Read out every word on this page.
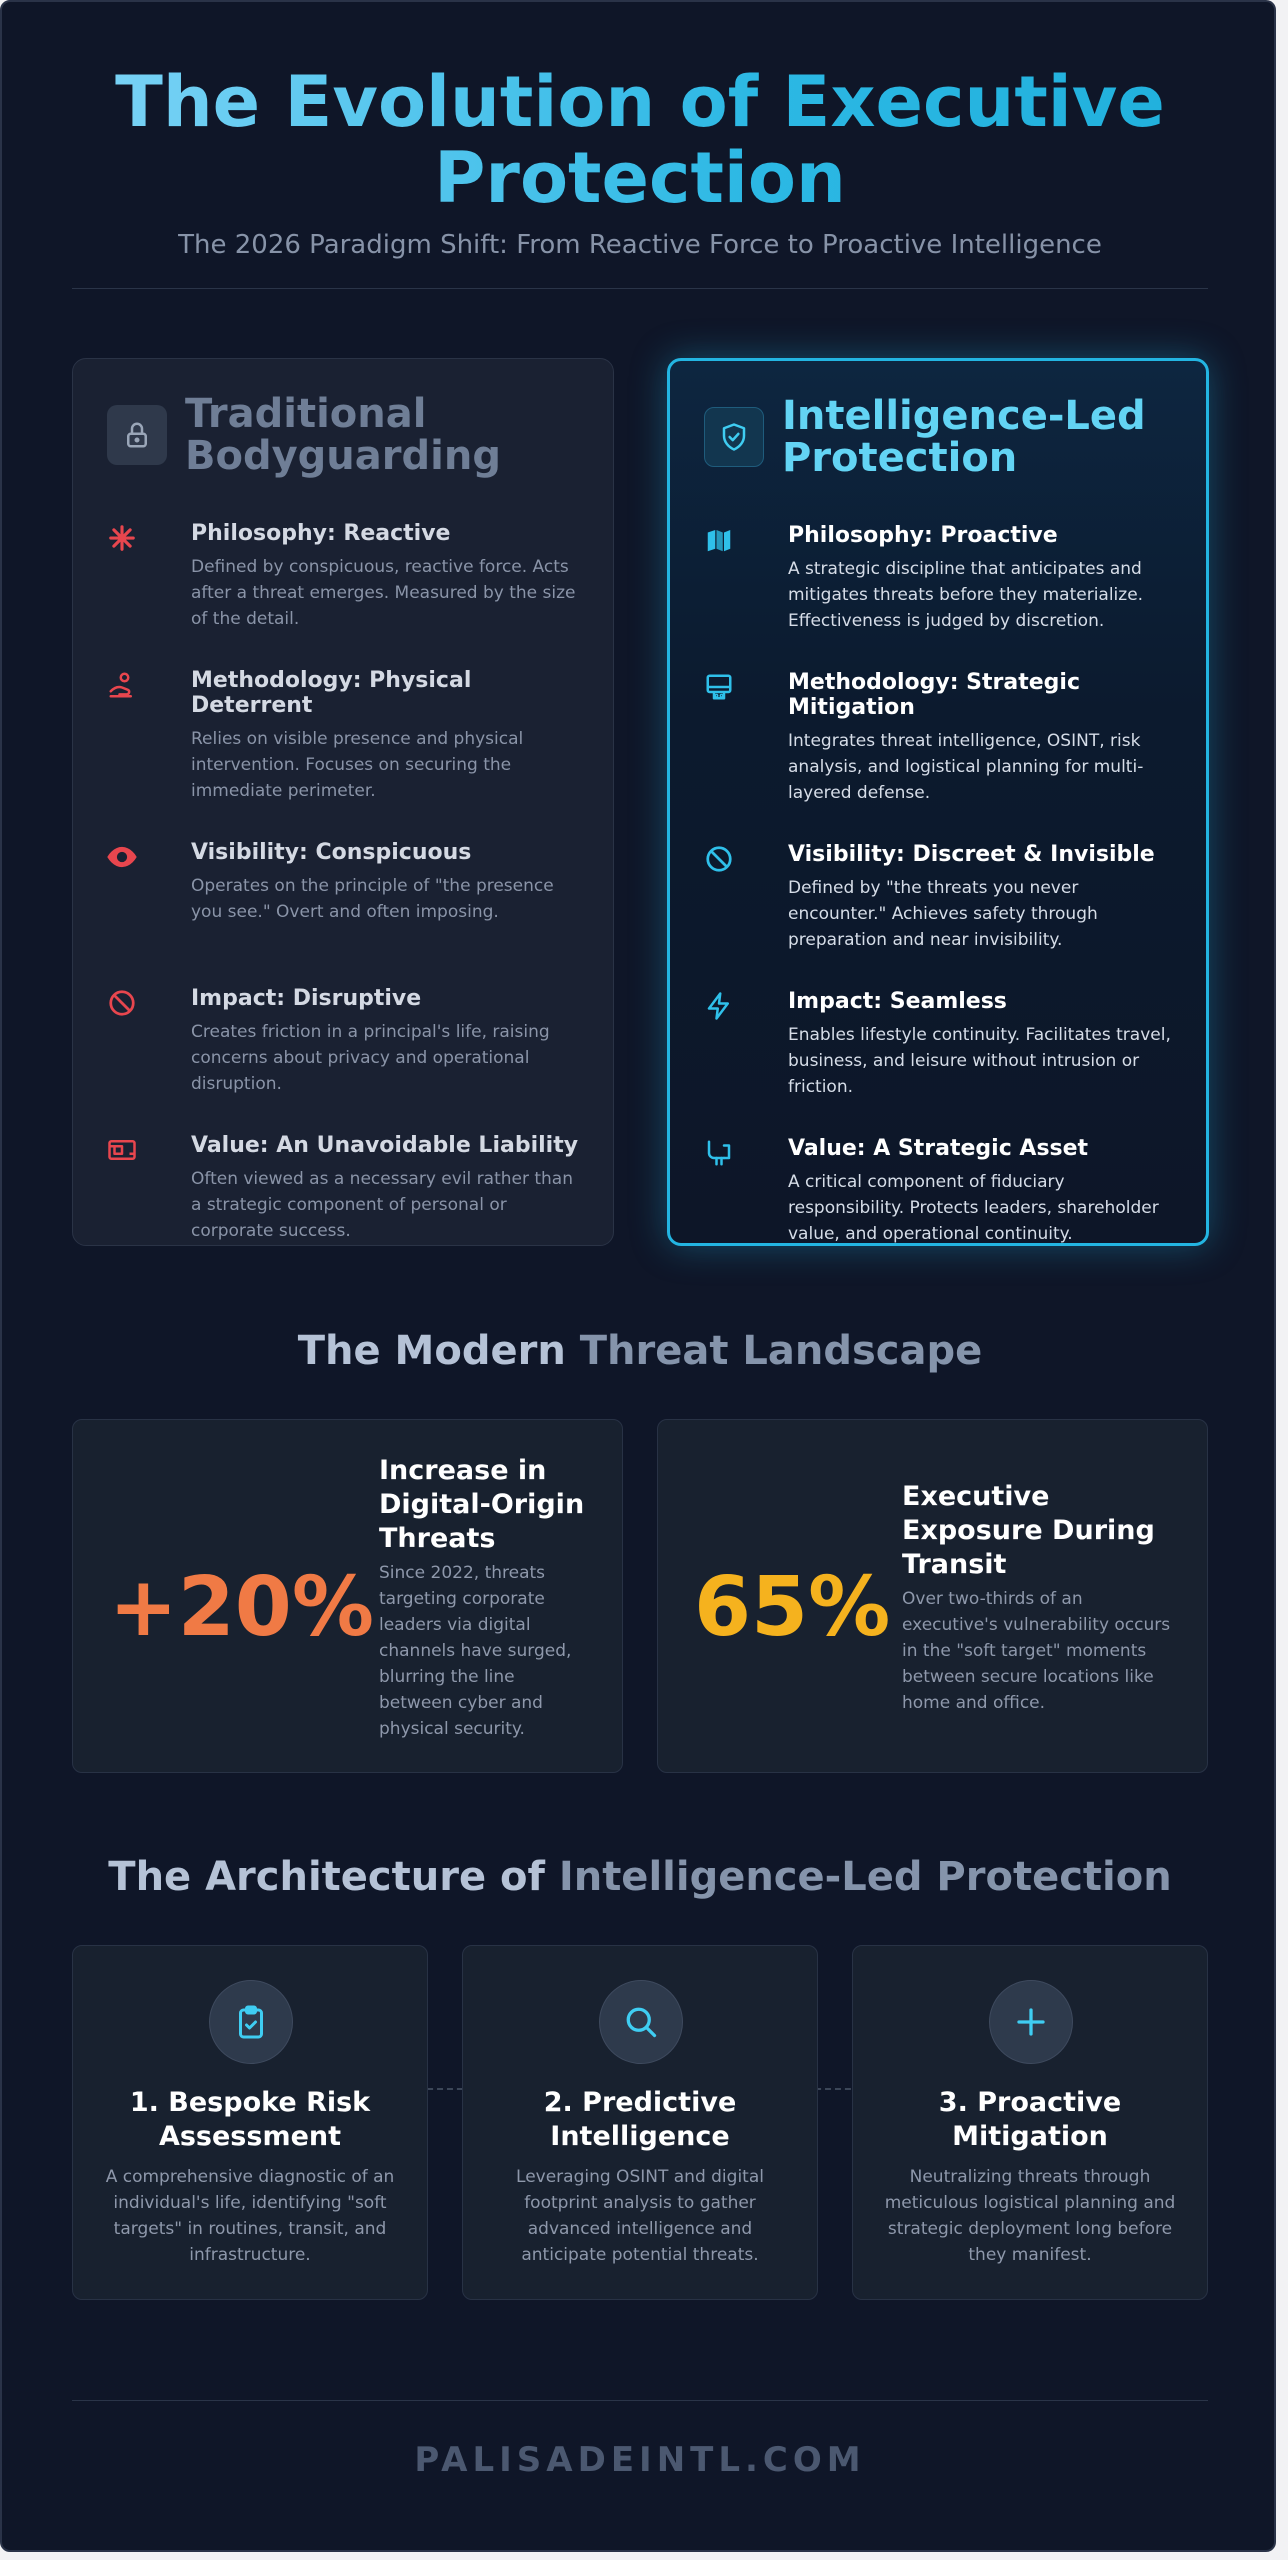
The Evolution of Executive Protection

The 2026 Paradigm Shift: From Reactive Force to Proactive Intelligence

Traditional Bodyguarding
Philosophy: Reactive
Defined by conspicuous, reactive force. Acts after a threat emerges. Measured by the size of the detail.
Methodology: Physical Deterrent
Relies on visible presence and physical intervention. Focuses on securing the immediate perimeter.
Visibility: Conspicuous
Operates on the principle of "the presence you see." Overt and often imposing.
Impact: Disruptive
Creates friction in a principal's life, raising concerns about privacy and operational disruption.
Value: An Unavoidable Liability
Often viewed as a necessary evil rather than a strategic component of personal or corporate success.
Intelligence-Led Protection
Philosophy: Proactive
A strategic discipline that anticipates and mitigates threats before they materialize. Effectiveness is judged by discretion.
Methodology: Strategic Mitigation
Integrates threat intelligence, OSINT, risk analysis, and logistical planning for multi-layered defense.
Visibility: Discreet & Invisible
Defined by "the threats you never encounter." Achieves safety through preparation and near invisibility.
Impact: Seamless
Enables lifestyle continuity. Facilitates travel, business, and leisure without intrusion or friction.
Value: A Strategic Asset
A critical component of fiduciary responsibility. Protects leaders, shareholder value, and operational continuity.
The Modern Threat Landscape
+20%
Increase in Digital-Origin Threats
Since 2022, threats targeting corporate leaders via digital channels have surged, blurring the line between cyber and physical security.
65%
Executive Exposure During Transit
Over two-thirds of an executive's vulnerability occurs in the "soft target" moments between secure locations like home and office.
The Architecture of Intelligence-Led Protection
1. Bespoke Risk Assessment
A comprehensive diagnostic of an individual's life, identifying "soft targets" in routines, transit, and infrastructure.
2. Predictive Intelligence
Leveraging OSINT and digital footprint analysis to gather advanced intelligence and anticipate potential threats.
3. Proactive Mitigation
Neutralizing threats through meticulous logistical planning and strategic deployment long before they manifest.
PALISADEINTL.COM
